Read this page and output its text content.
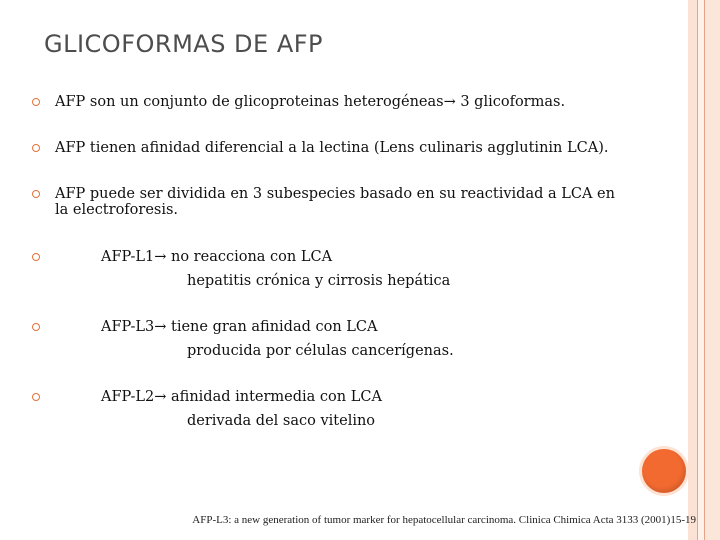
GLICOFORMAS DE AFP
AFP son un conjunto de glicoproteinas heterogéneas→ 3 glicoformas.
AFP tienen afinidad diferencial a la lectina (Lens culinaris agglutinin LCA).
AFP puede ser dividida en 3 subespecies basado en su reactividad a LCA en la electroforesis.
AFP-L1→ no reacciona con LCA
hepatitis crónica y cirrosis hepática
AFP-L3→ tiene gran afinidad con LCA
producida por células cancerígenas.
AFP-L2→ afinidad intermedia con LCA
derivada del saco vitelino
AFP-L3: a new generation of tumor marker for hepatocellular carcinoma. Clinica Chimica Acta 3133 (2001)15-19
